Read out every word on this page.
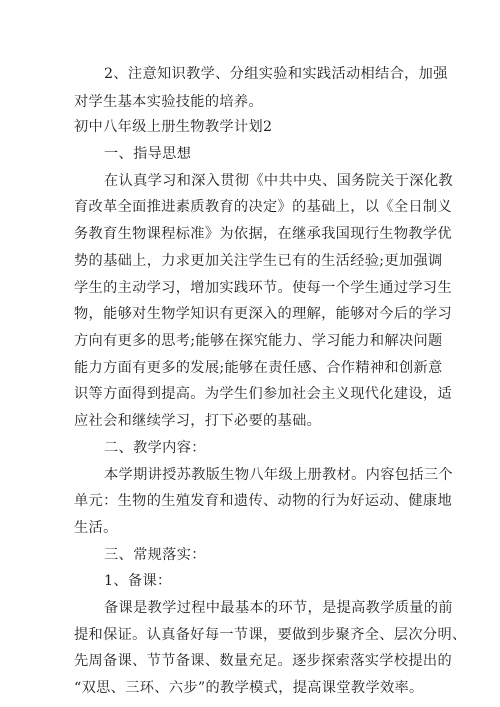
2、注意知识教学、分组实验和实践活动相结合，加强
对学生基本实验技能的培养。
初中八年级上册生物教学计划2
一、指导思想
在认真学习和深入贯彻《中共中央、国务院关于深化教
育改革全面推进素质教育的决定》的基础上，以《全日制义
务教育生物课程标准》为依据，在继承我国现行生物教学优
势的基础上，力求更加关注学生已有的生活经验;更加强调
学生的主动学习，增加实践环节。使每一个学生通过学习生
物，能够对生物学知识有更深入的理解，能够对今后的学习
方向有更多的思考;能够在探究能力、学习能力和解决问题
能力方面有更多的发展;能够在责任感、合作精神和创新意
识等方面得到提高。为学生们参加社会主义现代化建设，适
应社会和继续学习，打下必要的基础。
二、教学内容：
本学期讲授苏教版生物八年级上册教材。内容包括三个
单元：生物的生殖发育和遗传、动物的行为好运动、健康地
生活。
三、常规落实：
1、备课：
备课是教学过程中最基本的环节，是提高教学质量的前
提和保证。认真备好每一节课，要做到步聚齐全、层次分明、
先周备课、节节备课、数量充足。逐步探索落实学校提出的
“双思、三环、六步”的教学模式，提高课堂教学效率。
